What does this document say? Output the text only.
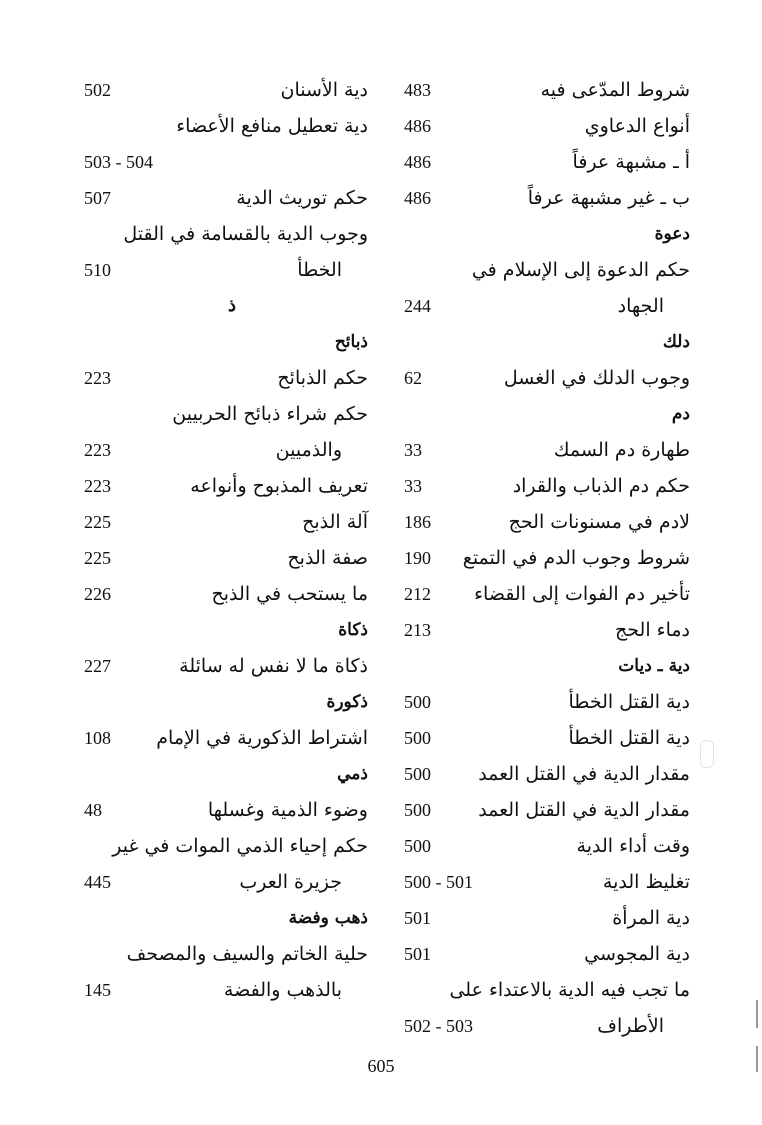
شروط المدّعى فيه
483
أنواع الدعاوي
486
أ ـ مشبهة عرفاً
486
ب ـ غير مشبهة عرفاً
486
دعوة
حكم الدعوة إلى الإسلام في
الجهاد
244
دلك
وجوب الدلك في الغسل
62
دم
طهارة دم السمك
33
حكم دم الذباب والقراد
33
لادم في مسنونات الحج
186
شروط وجوب الدم في التمتع
190
تأخير دم الفوات إلى القضاء
212
دماء الحج
213
دية ـ ديات
دية القتل الخطأ
500
دية القتل الخطأ
500
مقدار الدية في القتل العمد
500
مقدار الدية في القتل العمد
500
وقت أداء الدية
500
تغليظ الدية
500 - 501
دية المرأة
501
دية المجوسي
501
ما تجب فيه الدية بالاعتداء على
الأطراف
502 - 503
دية الأسنان
502
دية تعطيل منافع الأعضاء
503 - 504
حكم توريث الدية
507
وجوب الدية بالقسامة في القتل
الخطأ
510
ذ
ذبائح
حكم الذبائح
223
حكم شراء ذبائح الحربيين
والذميين
223
تعريف المذبوح وأنواعه
223
آلة الذبح
225
صفة الذبح
225
ما يستحب في الذبح
226
ذكاة
ذكاة ما لا نفس له سائلة
227
ذكورة
اشتراط الذكورية في الإمام
108
ذمي
وضوء الذمية وغسلها
48
حكم إحياء الذمي الموات في غير
جزيرة العرب
445
ذهب وفضة
حلية الخاتم والسيف والمصحف
بالذهب والفضة
145
605
